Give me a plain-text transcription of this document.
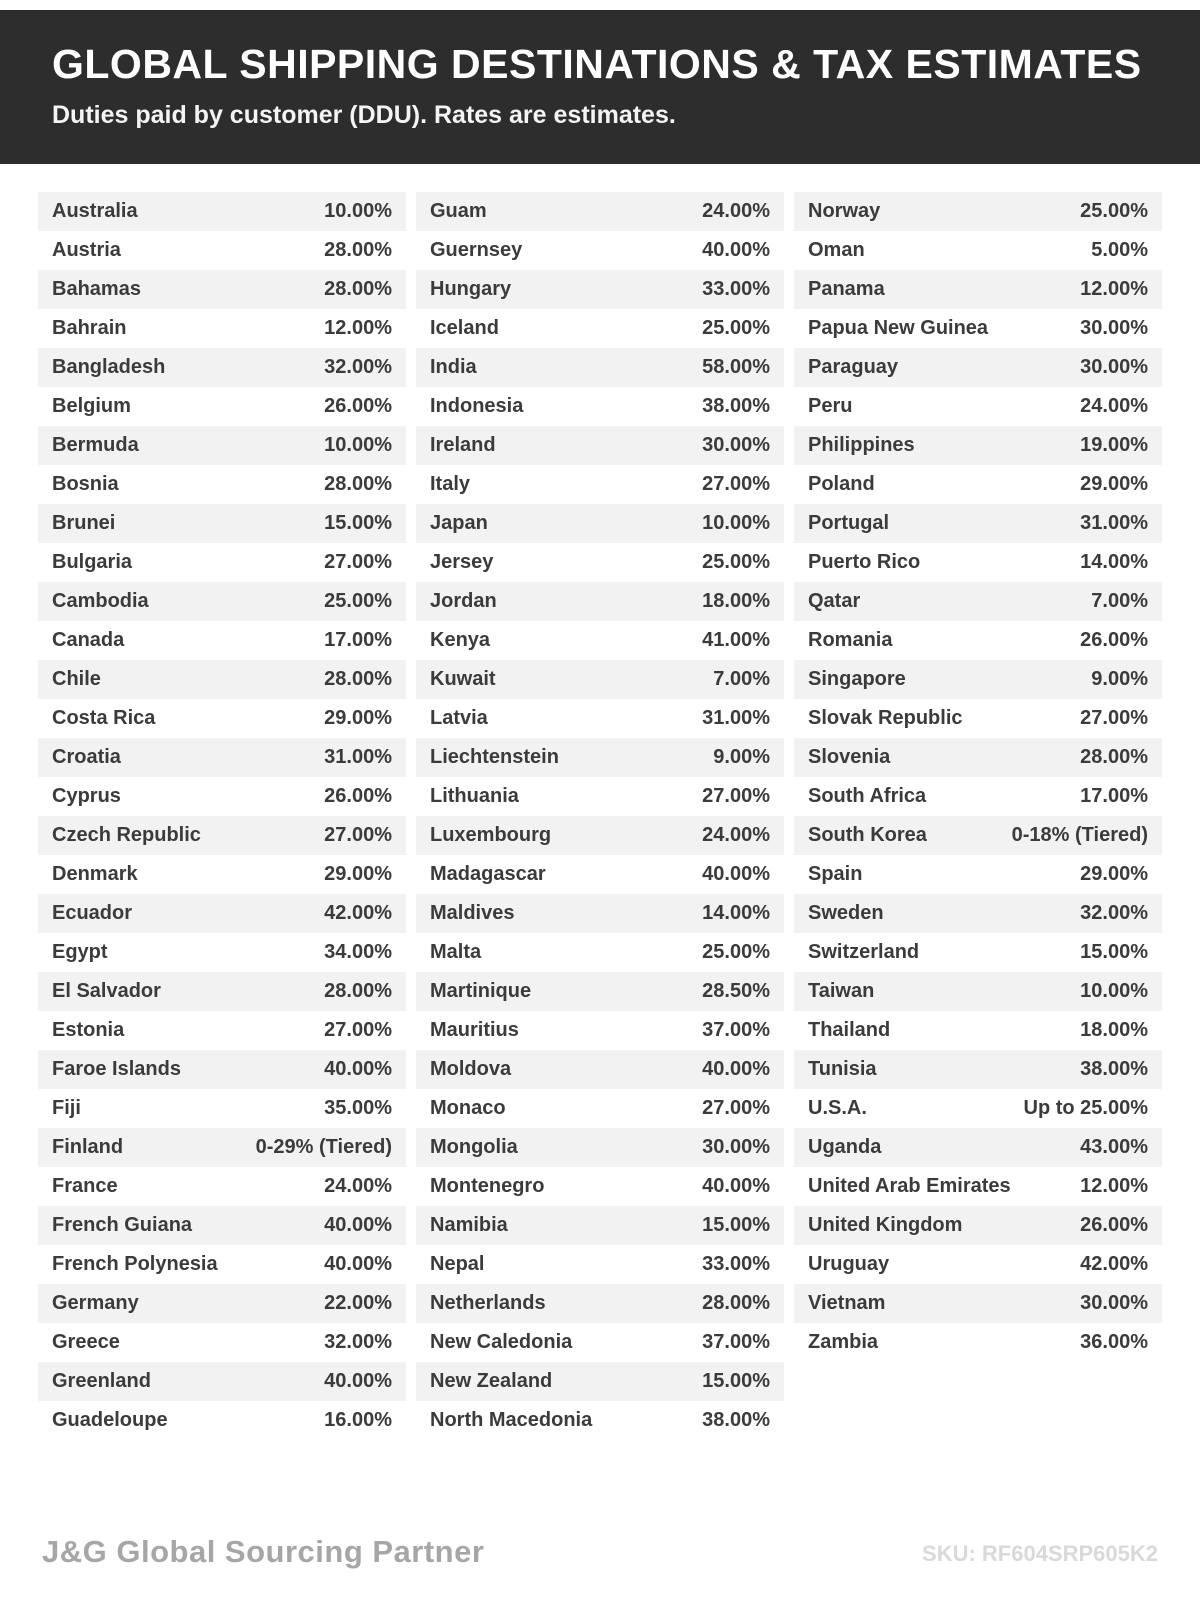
GLOBAL SHIPPING DESTINATIONS & TAX ESTIMATES

Duties paid by customer (DDU). Rates are estimates.

Australia	10.00%
Austria	28.00%
Bahamas	28.00%
Bahrain	12.00%
Bangladesh	32.00%
Belgium	26.00%
Bermuda	10.00%
Bosnia	28.00%
Brunei	15.00%
Bulgaria	27.00%
Cambodia	25.00%
Canada	17.00%
Chile	28.00%
Costa Rica	29.00%
Croatia	31.00%
Cyprus	26.00%
Czech Republic	27.00%
Denmark	29.00%
Ecuador	42.00%
Egypt	34.00%
El Salvador	28.00%
Estonia	27.00%
Faroe Islands	40.00%
Fiji	35.00%
Finland	0-29% (Tiered)
France	24.00%
French Guiana	40.00%
French Polynesia	40.00%
Germany	22.00%
Greece	32.00%
Greenland	40.00%
Guadeloupe	16.00%
Guam	24.00%
Guernsey	40.00%
Hungary	33.00%
Iceland	25.00%
India	58.00%
Indonesia	38.00%
Ireland	30.00%
Italy	27.00%
Japan	10.00%
Jersey	25.00%
Jordan	18.00%
Kenya	41.00%
Kuwait	7.00%
Latvia	31.00%
Liechtenstein	9.00%
Lithuania	27.00%
Luxembourg	24.00%
Madagascar	40.00%
Maldives	14.00%
Malta	25.00%
Martinique	28.50%
Mauritius	37.00%
Moldova	40.00%
Monaco	27.00%
Mongolia	30.00%
Montenegro	40.00%
Namibia	15.00%
Nepal	33.00%
Netherlands	28.00%
New Caledonia	37.00%
New Zealand	15.00%
North Macedonia	38.00%
Norway	25.00%
Oman	5.00%
Panama	12.00%
Papua New Guinea	30.00%
Paraguay	30.00%
Peru	24.00%
Philippines	19.00%
Poland	29.00%
Portugal	31.00%
Puerto Rico	14.00%
Qatar	7.00%
Romania	26.00%
Singapore	9.00%
Slovak Republic	27.00%
Slovenia	28.00%
South Africa	17.00%
South Korea	0-18% (Tiered)
Spain	29.00%
Sweden	32.00%
Switzerland	15.00%
Taiwan	10.00%
Thailand	18.00%
Tunisia	38.00%
U.S.A.	Up to 25.00%
Uganda	43.00%
United Arab Emirates	12.00%
United Kingdom	26.00%
Uruguay	42.00%
Vietnam	30.00%
Zambia	36.00%
J&G Global Sourcing Partner	SKU: RF604SRP605K2
